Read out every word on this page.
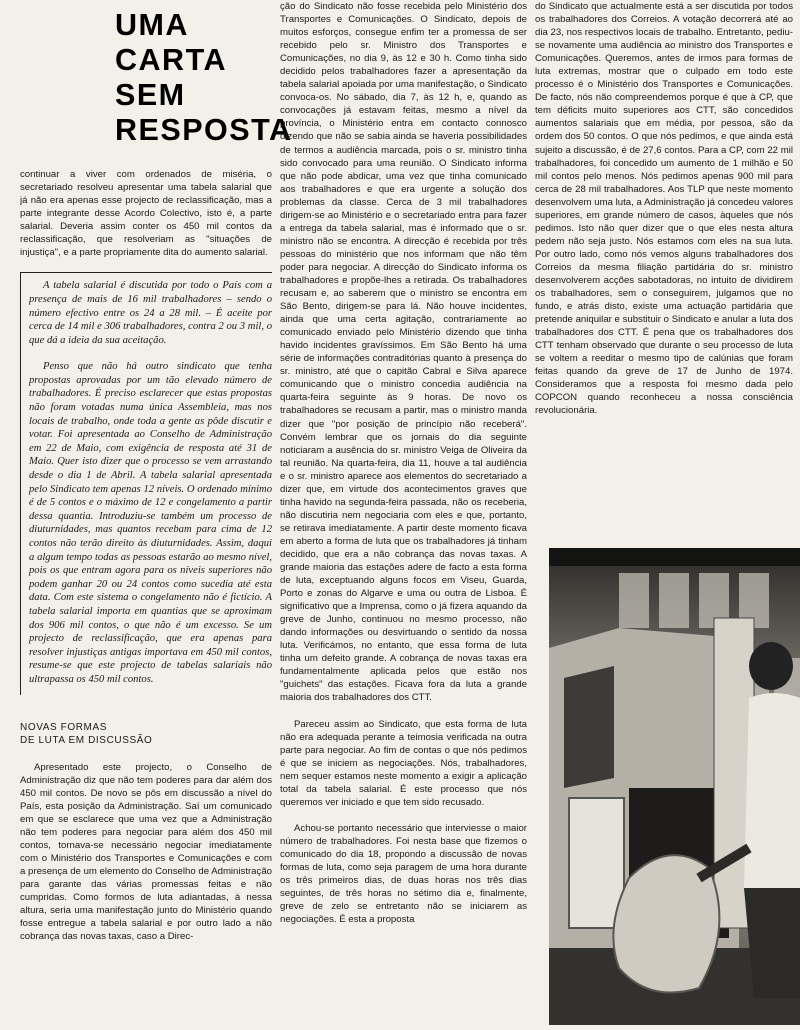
UMA CARTA
SEM
RESPOSTA

continuar a viver com ordenados de miséria, o secretariado resolveu apresentar uma tabela salarial que já não era apenas esse projecto de reclassificação, mas a parte integrante desse Acordo Colectivo, isto é, a parte salarial. Deveria assim conter os 450 mil contos da reclassificação, que resolveriam as "situações de injustiça", e a parte propriamente dita do aumento salarial.

A tabela salarial é discutida por todo o País com a presença de mais de 16 mil trabalhadores – sendo o número efectivo entre os 24 a 28 mil. – É aceite por cerca de 14 mil e 306 trabalhadores, contra 2 ou 3 mil, o que dá a ideia da sua aceitação.

Penso que não há outro sindicato que tenha propostas aprovadas por um tão elevado número de trabalhadores. É preciso esclarecer que estas propostas não foram votadas numa única Assembleia, mas nos locais de trabalho, onde toda a gente as pôde discutir e votar. Foi apresentada ao Conselho de Administração em 22 de Maio, com exigência de resposta até 31 de Maio. Quer isto dizer que o processo se vem arrastando desde o dia 1 de Abril. A tabela salarial apresentada pelo Sindicato tem apenas 12 níveis. O ordenado mínimo é de 5 contos e o máximo de 12 e congelamento a partir dessa quantia. Introduziu-se também um processo de diuturnidades, mas quantos recebam para cima de 12 contos não terão direito às diuturnidades. Assim, daqui a algum tempo todas as pessoas estarão ao mesmo nível, pois os que entram agora para os níveis superiores não podem ganhar 20 ou 24 contos como sucedia até esta data. Com este sistema o congelamento não é fictício. A tabela salarial importa em quantias que se aproximam dos 906 mil contos, o que não é um excesso. Se um projecto de reclassificação, que era apenas para resolver injustiças antigas importava em 450 mil contos, resume-se que este projecto de tabelas salariais não ultrapassa os 450 mil contos.

NOVAS FORMAS
DE LUTA EM DISCUSSÃO

Apresentado este projecto, o Conselho de Administração diz que não tem poderes para dar além dos 450 mil contos. De novo se pôs em discussão a nível do País, esta posição da Administração. Saí um comunicado em que se esclarece que uma vez que a Administração não tem poderes para negociar para além dos 450 mil contos, tornava-se necessário negociar imediatamente com o Ministério dos Transportes e Comunicações e com a presença de um elemento do Conselho de Administração para garante das várias promessas feitas e não cumpridas. Como formos de luta adiantadas, à nessa altura, seria uma manifestação junto do Ministério quando fosse entregue a tabela salarial e por outro lado a não cobrança das novas taxas, caso a Direc-

ção do Sindicato não fosse recebida pelo Ministério dos Transportes e Comunicações. O Sindicato, depois de muitos esforços, consegue enfim ter a promessa de ser recebido pelo sr. Ministro dos Transportes e Comunicações, no dia 9, às 12 e 30 h. Como tinha sido decidido pelos trabalhadores fazer a apresentação da tabela salarial apoiada por uma manifestação, o Sindicato convoca-os. No sábado, dia 7, às 12 h, e, quando as convocações já estavam feitas, mesmo a nível da província, o Ministério entra em contacto connosco dizendo que não se sabia ainda se haveria possibilidades de termos a audiência marcada, pois o sr. ministro tinha sido convocado para uma reunião. O Sindicato informa que não pode abdicar, uma vez que tinha comunicado aos trabalhadores e que era urgente a solução dos problemas da classe. Cerca de 3 mil trabalhadores dirigem-se ao Ministério e o secretariado entra para fazer a entrega da tabela salarial, mas é informado que o sr. ministro não se encontra. A direcção é recebida por três pessoas do ministério que nos informam que não têm poder para negociar. A direcção do Sindicato informa os trabalhadores e propõe-lhes a retirada. Os trabalhadores recusam e, ao saberem que o ministro se encontra em São Bento, dirigem-se para lá. Não houve incidentes, ainda que uma certa agitação, contrariamente ao comunicado enviado pelo Ministério dizendo que tinha havido incidentes gravíssimos. Em São Bento há uma série de informações contraditórias quanto à presença do sr. ministro, até que o capitão Cabral e Silva aparece comunicando que o ministro concedia audiência na quarta-feira seguinte às 9 horas. De novo os trabalhadores se recusam a partir, mas o ministro manda dizer que "por posição de princípio não receberá". Convém lembrar que os jornais do dia seguinte noticiaram a ausência do sr. ministro Veiga de Oliveira da tal reunião. Na quarta-feira, dia 11, houve a tal audiência e o sr. ministro aparece aos elementos do secretariado a dizer que, em virtude dos acontecimentos graves que tinha havido na segunda-feira passada, não os receberia, não discutiria nem negociaria com eles e que, portanto, se retirava imediatamente. A partir deste momento ficava em aberto a forma de luta que os trabalhadores já tinham decidido, que era a não cobrança das novas taxas. A grande maioria das estações adere de facto a esta forma de luta, exceptuando alguns focos em Viseu, Guarda, Porto e zonas do Algarve e uma ou outra de Lisboa. É significativo que a Imprensa, como o já fizera aquando da greve de Junho, continuou no mesmo processo, não dando informações ou desvirtuando o sentido da nossa luta. Verificámos, no entanto, que essa forma de luta tinha um defeito grande. A cobrança de novas taxas era fundamentalmente aplicada pelos que estão nos "guichets" das estações. Ficava fora da luta a grande maioria dos trabalhadores dos CTT.

Pareceu assim ao Sindicato, que esta forma de luta não era adequada perante a teimosia verificada na outra parte para negociar. Ao fim de contas o que nós pedimos é que se iniciem as negociações. Nós, trabalhadores, nem sequer estamos neste momento a exigir a aplicação total da tabela salarial. É este processo que nós queremos ver iniciado e que tem sido recusado.

Achou-se portanto necessário que interviesse o maior número de trabalhadores. Foi nesta base que fizemos o comunicado do dia 18, propondo a discussão de novas formas de luta, como seja paragem de uma hora durante os três primeiros dias, de duas horas nos três dias seguintes, de três horas no sétimo dia e, finalmente, greve de zelo se entretanto não se iniciarem as negociações. É esta a proposta

do Sindicato que actualmente está a ser discutida por todos os trabalhadores dos Correios. A votação decorrerá até ao dia 23, nos respectivos locais de trabalho. Entretanto, pediu-se novamente uma audiência ao ministro dos Transportes e Comunicações. Queremos, antes de irmos para formas de luta extremas, mostrar que o culpado em todo este processo é o Ministério dos Transportes e Comunicações. De facto, nós não compreendemos porque é que à CP, que tem déficits muito superiores aos CTT, são concedidos aumentos salariais que em média, por pessoa, são da ordem dos 50 contos. O que nós pedimos, e que ainda está sujeito a discussão, é de 27,6 contos. Para a CP, com 22 mil trabalhadores, foi concedido um aumento de 1 milhão e 50 mil contos pelo menos. Nós pedimos apenas 900 mil para cerca de 28 mil trabalhadores. Aos TLP que neste momento desenvolvem uma luta, a Administração já concedeu valores superiores, em grande número de casos, àqueles que nós pedimos. Isto não quer dizer que o que eles nesta altura pedem não seja justo. Nós estamos com eles na sua luta. Por outro lado, como nós vemos alguns trabalhadores dos Correios da mesma filiação partidária do sr. ministro desenvolverem acções sabotadoras, no intuito de dividirem os trabalhadores, sem o conseguirem, julgamos que no fundo, e atrás disto, existe uma actuação partidária que pretende aniquilar e substituir o Sindicato e anular a luta dos trabalhadores dos CTT. É pena que os trabalhadores dos CTT tenham observado que durante o seu processo de luta se voltem a reeditar o mesmo tipo de calúnias que foram feitas quando da greve de 17 de Junho de 1974. Consideramos que a resposta foi mesmo dada pelo COPCON quando reconheceu a nossa consciência revolucionária.
